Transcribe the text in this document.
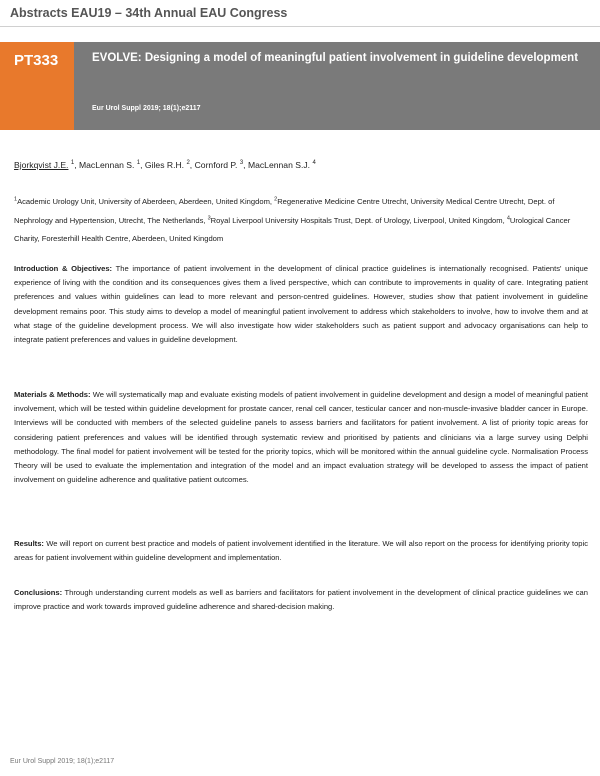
Abstracts EAU19 – 34th Annual EAU Congress
PT333	EVOLVE: Designing a model of meaningful patient involvement in guideline development
Eur Urol Suppl 2019; 18(1);e2117
Bjorkqvist J.E. $^1$, MacLennan S. $^1$, Giles R.H. $^2$, Cornford P. $^3$, MacLennan S.J. $^4$
$^1$Academic Urology Unit, University of Aberdeen, Aberdeen, United Kingdom, $^2$Regenerative Medicine Centre Utrecht, University Medical Centre Utrecht, Dept. of Nephrology and Hypertension, Utrecht, The Netherlands, $^3$Royal Liverpool University Hospitals Trust, Dept. of Urology, Liverpool, United Kingdom, $^4$Urological Cancer Charity, Foresterhill Health Centre, Aberdeen, United Kingdom
Introduction & Objectives: The importance of patient involvement in the development of clinical practice guidelines is internationally recognised. Patients' unique experience of living with the condition and its consequences gives them a lived perspective, which can contribute to improvements in quality of care. Integrating patient preferences and values within guidelines can lead to more relevant and person-centred guidelines. However, studies show that patient involvement in guideline development remains poor. This study aims to develop a model of meaningful patient involvement to address which stakeholders to involve, how to involve them and at what stage of the guideline development process. We will also investigate how wider stakeholders such as patient support and advocacy organisations can help to integrate patient preferences and values in guideline development.
Materials & Methods: We will systematically map and evaluate existing models of patient involvement in guideline development and design a model of meaningful patient involvement, which will be tested within guideline development for prostate cancer, renal cell cancer, testicular cancer and non-muscle-invasive bladder cancer in Europe. Interviews will be conducted with members of the selected guideline panels to assess barriers and facilitators for patient involvement. A list of priority topic areas for considering patient preferences and values will be identified through systematic review and prioritised by patients and clinicians via a large survey using Delphi methodology. The final model for patient involvement will be tested for the priority topics, which will be monitored within the annual guideline cycle. Normalisation Process Theory will be used to evaluate the implementation and integration of the model and an impact evaluation strategy will be developed to assess the impact of patient involvement on guideline adherence and qualitative patient outcomes.
Results: We will report on current best practice and models of patient involvement identified in the literature. We will also report on the process for identifying priority topic areas for patient involvement within guideline development and implementation.
Conclusions: Through understanding current models as well as barriers and facilitators for patient involvement in the development of clinical practice guidelines we can improve practice and work towards improved guideline adherence and shared-decision making.
Eur Urol Suppl 2019; 18(1);e2117
